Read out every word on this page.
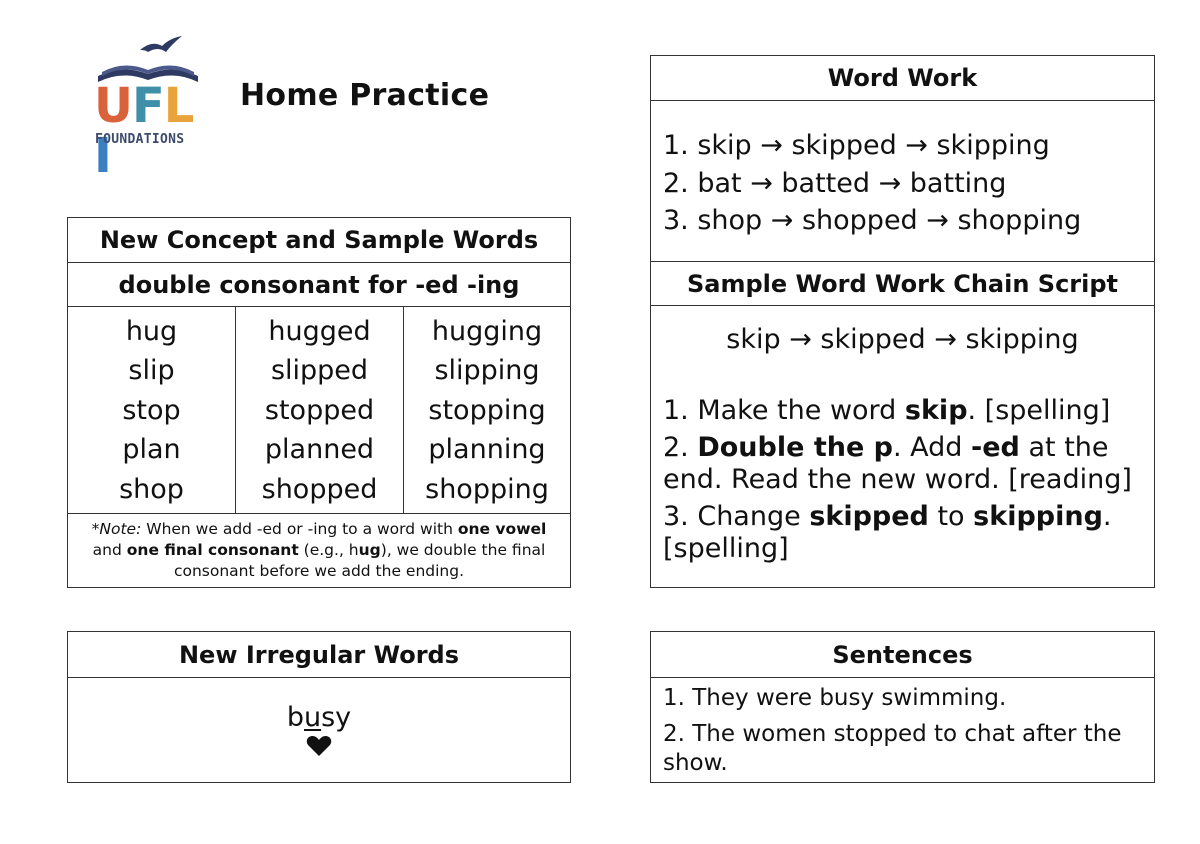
UFLI
FOUNDATIONS
Home Practice
New Concept and Sample Words
double consonant for -ed -ing
hug
slip
stop
plan
shop
hugged
slipped
stopped
planned
shopped
hugging
slipping
stopping
planning
shopping
*Note: When we add -ed or -ing to a word with one vowel and one final consonant (e.g., hug), we double the final consonant before we add the ending.
Word Work
1. skip → skipped → skipping
2. bat → batted → batting
3. shop → shopped → shopping
Sample Word Work Chain Script
skip → skipped → skipping
1. Make the word skip. [spelling]
2. Double the p. Add -ed at the end. Read the new word. [reading]
3. Change skipped to skipping. [spelling]
New Irregular Words
busy
Sentences
1. They were busy swimming.
2. The women stopped to chat after the show.
